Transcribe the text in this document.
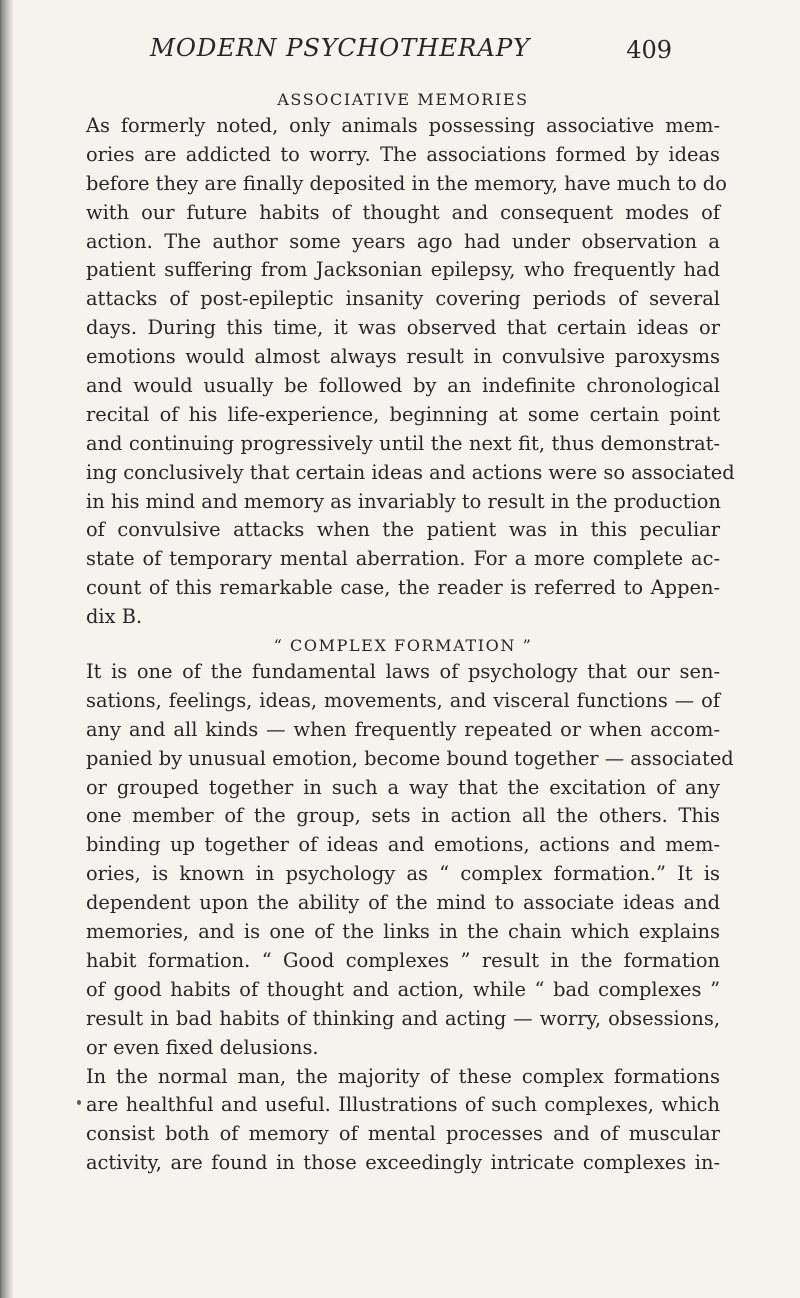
MODERN PSYCHOTHERAPY	409
ASSOCIATIVE MEMORIES
As formerly noted, only animals possessing associative mem-
ories are addicted to worry. The associations formed by ideas
before they are finally deposited in the memory, have much to do
with our future habits of thought and consequent modes of
action. The author some years ago had under observation a
patient suffering from Jacksonian epilepsy, who frequently had
attacks of post-epileptic insanity covering periods of several
days. During this time, it was observed that certain ideas or
emotions would almost always result in convulsive paroxysms
and would usually be followed by an indefinite chronological
recital of his life-experience, beginning at some certain point
and continuing progressively until the next fit, thus demonstrat-
ing conclusively that certain ideas and actions were so associated
in his mind and memory as invariably to result in the production
of convulsive attacks when the patient was in this peculiar
state of temporary mental aberration. For a more complete ac-
count of this remarkable case, the reader is referred to Appen-
dix B.
“ COMPLEX FORMATION ”
It is one of the fundamental laws of psychology that our sen-
sations, feelings, ideas, movements, and visceral functions — of
any and all kinds — when frequently repeated or when accom-
panied by unusual emotion, become bound together — associated
or grouped together in such a way that the excitation of any
one member of the group, sets in action all the others. This
binding up together of ideas and emotions, actions and mem-
ories, is known in psychology as “ complex formation.” It is
dependent upon the ability of the mind to associate ideas and
memories, and is one of the links in the chain which explains
habit formation. “ Good complexes ” result in the formation
of good habits of thought and action, while “ bad complexes ”
result in bad habits of thinking and acting — worry, obsessions,
or even fixed delusions.
In the normal man, the majority of these complex formations
are healthful and useful. Illustrations of such complexes, which
consist both of memory of mental processes and of muscular
activity, are found in those exceedingly intricate complexes in-
